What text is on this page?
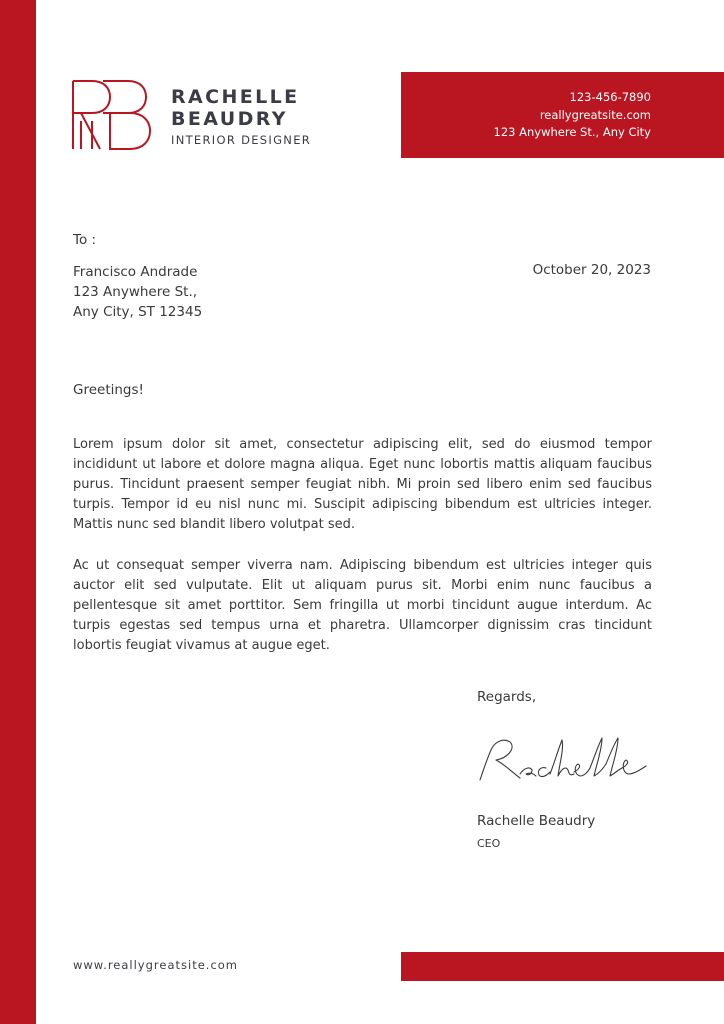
RACHELLE
BEAUDRY
INTERIOR DESIGNER
123-456-7890
reallygreatsite.com
123 Anywhere St., Any City
To :
Francisco Andrade
123 Anywhere St.,
Any City, ST 12345
October 20, 2023
Greetings!
Lorem ipsum dolor sit amet, consectetur adipiscing elit, sed do eiusmod tempor incididunt ut labore et dolore magna aliqua. Eget nunc lobortis mattis aliquam faucibus purus. Tincidunt praesent semper feugiat nibh. Mi proin sed libero enim sed faucibus turpis. Tempor id eu nisl nunc mi. Suscipit adipiscing bibendum est ultricies integer. Mattis nunc sed blandit libero volutpat sed.
Ac ut consequat semper viverra nam. Adipiscing bibendum est ultricies integer quis auctor elit sed vulputate. Elit ut aliquam purus sit. Morbi enim nunc faucibus a pellentesque sit amet porttitor. Sem fringilla ut morbi tincidunt augue interdum. Ac turpis egestas sed tempus urna et pharetra. Ullamcorper dignissim cras tincidunt lobortis feugiat vivamus at augue eget.
Regards,
Rachelle Beaudry
CEO
www.reallygreatsite.com
